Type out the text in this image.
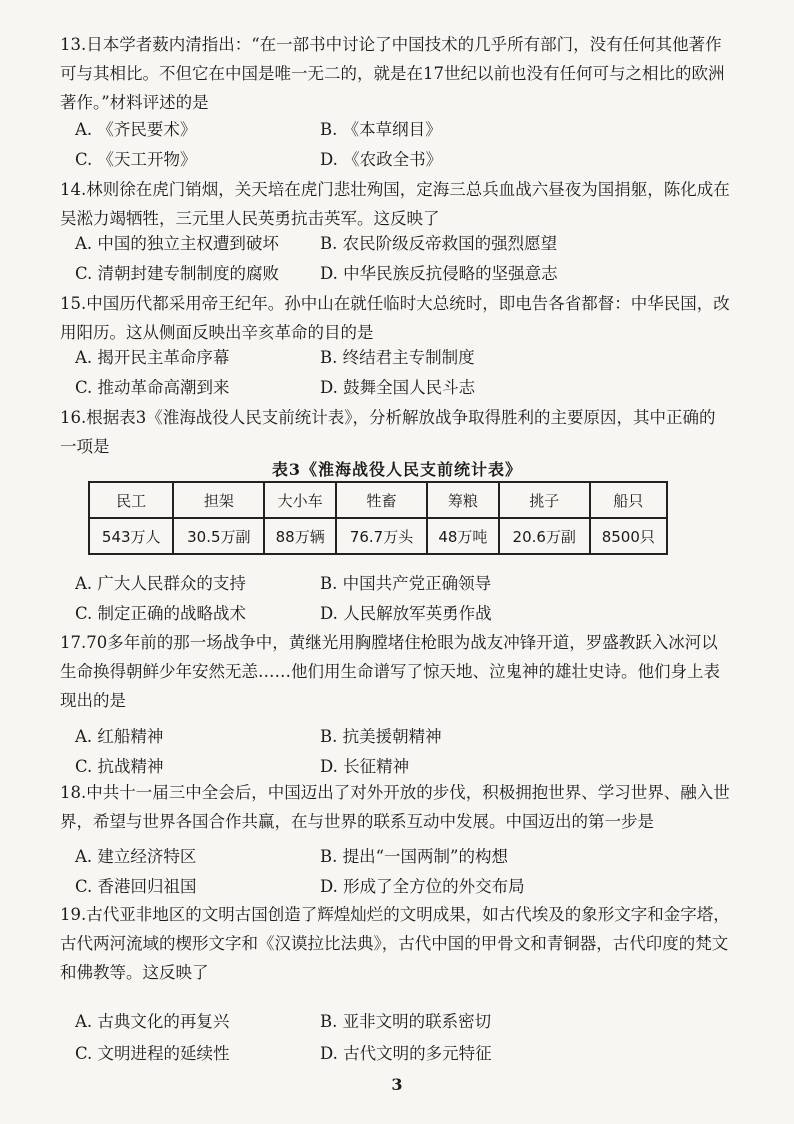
13.日本学者薮内清指出：“在一部书中讨论了中国技术的几乎所有部门，没有任何其他著作可与其相比。不但它在中国是唯一无二的，就是在17世纪以前也没有任何可与之相比的欧洲著作。”材料评述的是

A. 《齐民要术》	B. 《本草纲目》
C. 《天工开物》	D. 《农政全书》

14.林则徐在虎门销烟，关天培在虎门悲壮殉国，定海三总兵血战六昼夜为国捐躯，陈化成在吴淞力竭牺牲，三元里人民英勇抗击英军。这反映了

A. 中国的独立主权遭到破坏	B. 农民阶级反帝救国的强烈愿望
C. 清朝封建专制制度的腐败	D. 中华民族反抗侵略的坚强意志

15.中国历代都采用帝王纪年。孙中山在就任临时大总统时，即电告各省都督：中华民国，改用阳历。这从侧面反映出辛亥革命的目的是

A. 揭开民主革命序幕	B. 终结君主专制制度
C. 推动革命高潮到来	D. 鼓舞全国人民斗志

16.根据表3《淮海战役人民支前统计表》，分析解放战争取得胜利的主要原因，其中正确的一项是

表3《淮海战役人民支前统计表》
民工	担架	大小车	牲畜	筹粮	挑子	船只
543万人	30.5万副	88万辆	76.7万头	48万吨	20.6万副	8500只
A. 广大人民群众的支持	B. 中国共产党正确领导
C. 制定正确的战略战术	D. 人民解放军英勇作战

17.70多年前的那一场战争中，黄继光用胸膛堵住枪眼为战友冲锋开道，罗盛教跃入冰河以生命换得朝鲜少年安然无恙……他们用生命谱写了惊天地、泣鬼神的雄壮史诗。他们身上表现出的是

A. 红船精神	B. 抗美援朝精神
C. 抗战精神	D. 长征精神

18.中共十一届三中全会后，中国迈出了对外开放的步伐，积极拥抱世界、学习世界、融入世界，希望与世界各国合作共赢，在与世界的联系互动中发展。中国迈出的第一步是

A. 建立经济特区	B. 提出“一国两制”的构想
C. 香港回归祖国	D. 形成了全方位的外交布局

19.古代亚非地区的文明古国创造了辉煌灿烂的文明成果，如古代埃及的象形文字和金字塔，古代两河流域的楔形文字和《汉谟拉比法典》，古代中国的甲骨文和青铜器，古代印度的梵文和佛教等。这反映了

A. 古典文化的再复兴	B. 亚非文明的联系密切
C. 文明进程的延续性	D. 古代文明的多元特征
3
